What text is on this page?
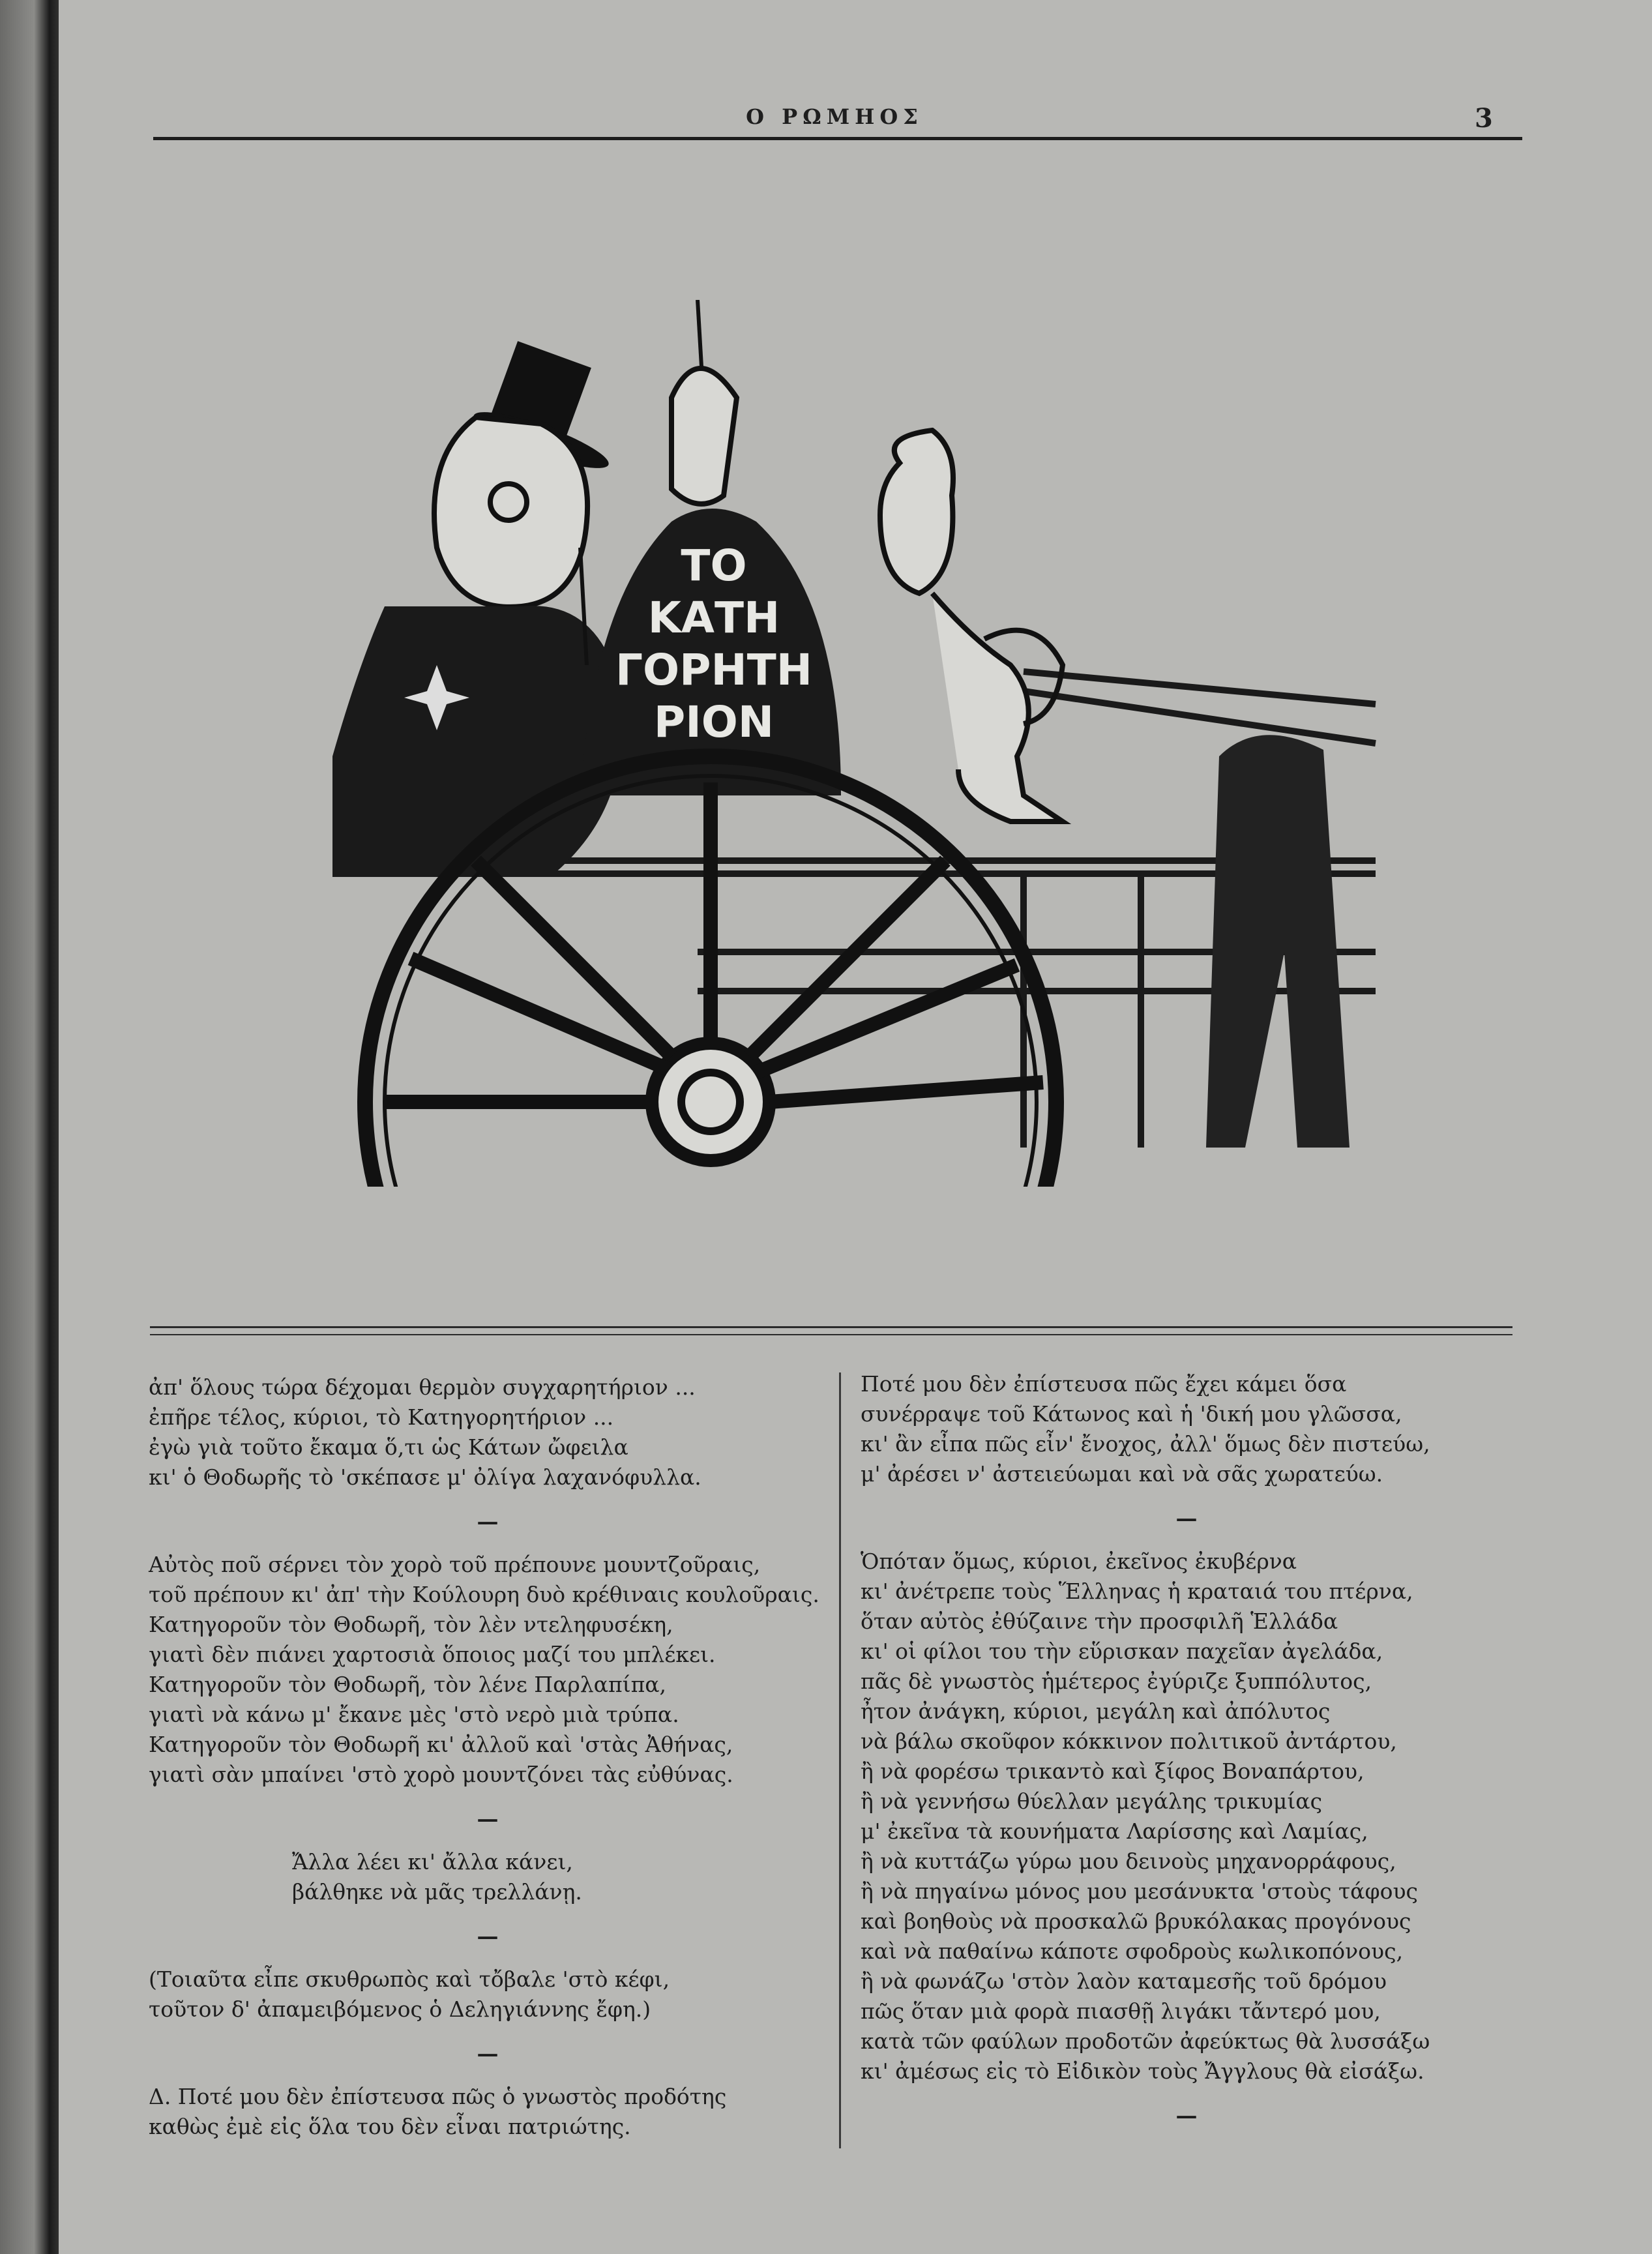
Ο ΡΩΜΗΟΣ	3
ΤΟ
ΚΑΤΗ
ΓΟΡΗΤΗ
ΡΙΟΝ

ἀπ' ὅλους τώρα δέχομαι θερμὸν συγχαρητήριον ...

ἐπῆρε τέλος, κύριοι, τὸ Κατηγορητήριον ...

ἐγὼ γιὰ τοῦτο ἔκαμα ὅ,τι ὡς Κάτων ὤφειλα

κι' ὁ Θοδωρῆς τὸ 'σκέπασε μ' ὀλίγα λαχανόφυλλα.

—

Αὐτὸς ποῦ σέρνει τὸν χορὸ τοῦ πρέπουνε μουντζοῦραις,

τοῦ πρέπουν κι' ἀπ' τὴν Κούλουρη δυὸ κρέθιναις κουλοῦραις.

Κατηγοροῦν τὸν Θοδωρῆ, τὸν λὲν ντεληφυσέκη,

γιατὶ δὲν πιάνει χαρτοσιὰ ὅποιος μαζί του μπλέκει.

Κατηγοροῦν τὸν Θοδωρῆ, τὸν λένε Παρλαπίπα,

γιατὶ νὰ κάνω μ' ἔκανε μὲς 'στὸ νερὸ μιὰ τρύπα.

Κατηγοροῦν τὸν Θοδωρῆ κι' ἀλλοῦ καὶ 'στὰς Ἀθήνας,

γιατὶ σὰν μπαίνει 'στὸ χορὸ μουντζόνει τὰς εὐθύνας.

—

Ἄλλα λέει κι' ἄλλα κάνει,

βάλθηκε νὰ μᾶς τρελλάνῃ.

—

(Τοιαῦτα εἶπε σκυθρωπὸς καὶ τὄβαλε 'στὸ κέφι,

τοῦτον δ' ἀπαμειβόμενος ὁ Δεληγιάννης ἔφη.)

—

Δ. Ποτέ μου δὲν ἐπίστευσα πῶς ὁ γνωστὸς προδότης

καθὼς ἐμὲ εἰς ὅλα του δὲν εἶναι πατριώτης.

Ποτέ μου δὲν ἐπίστευσα πῶς ἔχει κάμει ὅσα

συνέρραψε τοῦ Κάτωνος καὶ ἡ 'δική μου γλῶσσα,

κι' ἂν εἶπα πῶς εἶν' ἔνοχος, ἀλλ' ὅμως δὲν πιστεύω,

μ' ἀρέσει ν' ἀστειεύωμαι καὶ νὰ σᾶς χωρατεύω.

—

Ὁπόταν ὅμως, κύριοι, ἐκεῖνος ἐκυβέρνα

κι' ἀνέτρεπε τοὺς Ἕλληνας ἡ κραταιά του πτέρνα,

ὅταν αὐτὸς ἐθύζαινε τὴν προσφιλῆ Ἑλλάδα

κι' οἱ φίλοι του τὴν εὕρισκαν παχεῖαν ἀγελάδα,

πᾶς δὲ γνωστὸς ἡμέτερος ἐγύριζε ξυππόλυτος,

ἦτον ἀνάγκη, κύριοι, μεγάλη καὶ ἀπόλυτος

νὰ βάλω σκοῦφον κόκκινον πολιτικοῦ ἀντάρτου,

ἢ νὰ φορέσω τρικαντὸ καὶ ξίφος Βοναπάρτου,

ἢ νὰ γεννήσω θύελλαν μεγάλης τρικυμίας

μ' ἐκεῖνα τὰ κουνήματα Λαρίσσης καὶ Λαμίας,

ἢ νὰ κυττάζω γύρω μου δεινοὺς μηχανορράφους,

ἢ νὰ πηγαίνω μόνος μου μεσάνυκτα 'στοὺς τάφους

καὶ βοηθοὺς νὰ προσκαλῶ βρυκόλακας προγόνους

καὶ νὰ παθαίνω κάποτε σφοδροὺς κωλικοπόνους,

ἢ νὰ φωνάζω 'στὸν λαὸν καταμεσῆς τοῦ δρόμου

πῶς ὅταν μιὰ φορὰ πιασθῇ λιγάκι τἄντερό μου,

κατὰ τῶν φαύλων προδοτῶν ἀφεύκτως θὰ λυσσάξω

κι' ἀμέσως εἰς τὸ Εἰδικὸν τοὺς Ἄγγλους θὰ εἰσάξω.

—
